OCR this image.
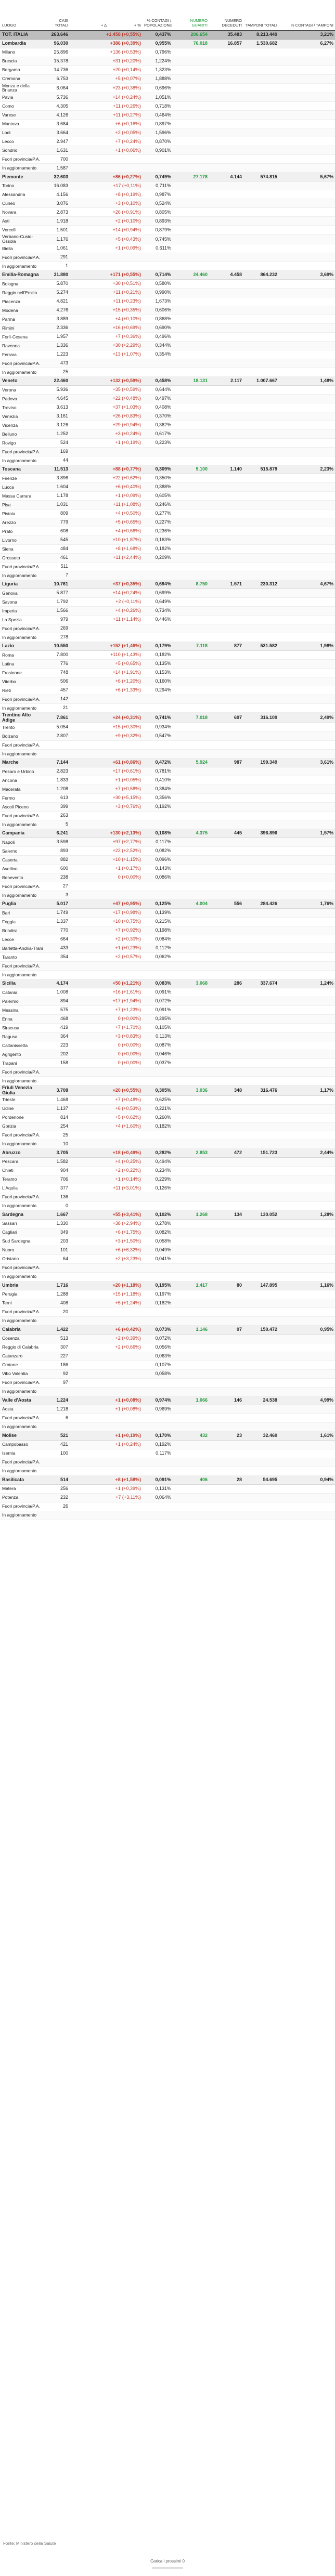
LUOGO	CASI TOTALI	+ ∆	+ %	% CONTAGI / POPOLAZIONE	NUMERO GUARITI	NUMERO DECEDUTI	TAMPONI TOTALI	% CONTAGI / TAMPONI
TOT. ITALIA	263.646	+1.458 (+0,55%)		0,437%	206.654	35.483	8.213.449	3,21%
Lombardia	96.030	+386 (+0,39%)		0,955%	76.018	16.857	1.530.682	6,27%
Milano	25.896	+136 (+0,53%)		0,796%				
Brescia	15.378	+31 (+0,20%)		1,224%				
Bergamo	14.736	+20 (+0,14%)		1,323%				
Cremona	6.753	+5 (+0,07%)		1,888%				
Monza e della Brianza	6.064	+23 (+0,38%)		0,696%				
Pavia	5.736	+14 (+0,24%)		1,051%				
Como	4.305	+11 (+0,26%)		0,718%				
Varese	4.126	+11 (+0,27%)		0,464%				
Mantova	3.684	+6 (+0,16%)		0,897%				
Lodi	3.664	+2 (+0,05%)		1,596%				
Lecco	2.947	+7 (+0,24%)		0,870%				
Sondrio	1.631	+1 (+0,06%)		0,901%				
Fuori provincia/P.A.	700							
In aggiornamento	1.587							
Piemonte	32.603	+86 (+0,27%)		0,749%	27.178	4.144	574.815	5,67%
Torino	16.083	+17 (+0,11%)		0,711%				
Alessandria	4.156	+8 (+0,19%)		0,987%				
Cuneo	3.076	+3 (+0,10%)		0,524%				
Novara	2.873	+26 (+0,91%)		0,805%				
Asti	1.918	+2 (+0,10%)		0,893%				
Vercelli	1.501	+14 (+0,94%)		0,879%				
Verbano-Cusio-Ossola	1.176	+5 (+0,43%)		0,745%				
Biella	1.061	+1 (+0,09%)		0,611%				
Fuori provincia/P.A.	291							
In aggiornamento	1							
Emilia-Romagna	31.880	+171 (+0,55%)		0,714%	24.460	4.458	864.232	3,69%
Bologna	5.870	+30 (+0,51%)		0,580%				
Reggio nell'Emilia	5.274	+11 (+0,21%)		0,990%				
Piacenza	4.821	+11 (+0,23%)		1,673%				
Modena	4.276	+15 (+0,35%)		0,606%				
Parma	3.889	+4 (+0,10%)		0,868%				
Rimini	2.336	+16 (+0,69%)		0,690%				
Forlì-Cesena	1.957	+7 (+0,36%)		0,496%				
Ravenna	1.336	+30 (+2,29%)		0,344%				
Ferrara	1.223	+13 (+1,07%)		0,354%				
Fuori provincia/P.A.	473							
In aggiornamento	25							
Veneto	22.460	+132 (+0,59%)		0,458%	18.131	2.117	1.007.667	1,48%
Verona	5.936	+35 (+0,59%)		0,644%				
Padova	4.645	+22 (+0,48%)		0,497%				
Treviso	3.613	+37 (+1,03%)		0,408%				
Venezia	3.161	+26 (+0,83%)		0,370%				
Vicenza	3.126	+29 (+0,94%)		0,362%				
Belluno	1.252	+3 (+0,24%)		0,617%				
Rovigo	524	+1 (+0,19%)		0,223%				
Fuori provincia/P.A.	169							
In aggiornamento	44							
Toscana	11.513	+88 (+0,77%)		0,309%	9.100	1.140	515.879	2,23%
Firenze	3.896	+22 (+0,62%)		0,350%				
Lucca	1.604	+6 (+0,40%)		0,388%				
Massa Carrara	1.178	+1 (+0,09%)		0,605%				
Pisa	1.031	+11 (+1,08%)		0,246%				
Pistoia	809	+4 (+0,50%)		0,277%				
Arezzo	779	+5 (+0,65%)		0,227%				
Prato	608	+4 (+0,66%)		0,236%				
Livorno	545	+10 (+1,87%)		0,163%				
Siena	484	+8 (+1,68%)		0,182%				
Grosseto	461	+11 (+2,44%)		0,209%				
Fuori provincia/P.A.	511							
In aggiornamento	7							
Liguria	10.761	+37 (+0,35%)		0,694%	8.750	1.571	230.312	4,67%
Genova	5.877	+14 (+0,24%)		0,699%				
Savona	1.792	+2 (+0,11%)		0,649%				
Imperia	1.566	+4 (+0,26%)		0,734%				
La Spezia	979	+11 (+1,14%)		0,446%				
Fuori provincia/P.A.	269							
In aggiornamento	278							
Lazio	10.550	+152 (+1,46%)		0,179%	7.118	877	531.582	1,98%
Roma	7.800	+110 (+1,43%)		0,182%				
Latina	776	+5 (+0,65%)		0,135%				
Frosinone	748	+14 (+1,91%)		0,153%				
Viterbo	506	+6 (+1,20%)		0,160%				
Rieti	457	+6 (+1,33%)		0,294%				
Fuori provincia/P.A.	142							
In aggiornamento	21							
Trentino Alto Adige	7.861	+24 (+0,31%)		0,741%	7.018	697	316.109	2,49%
Trento	5.054	+15 (+0,30%)		0,934%				
Bolzano	2.807	+9 (+0,32%)		0,547%				
Fuori provincia/P.A.								
In aggiornamento								
Marche	7.144	+61 (+0,86%)		0,472%	5.924	987	199.349	3,61%
Pesaro e Urbino	2.823	+17 (+0,61%)		0,781%				
Ancona	1.833	+1 (+0,05%)		0,410%				
Macerata	1.208	+7 (+0,58%)		0,384%				
Fermo	613	+30 (+5,15%)		0,356%				
Ascoli Piceno	399	+3 (+0,76%)		0,192%				
Fuori provincia/P.A.	263							
In aggiornamento	5							
Campania	6.241	+130 (+2,13%)		0,108%	4.375	445	396.896	1,57%
Napoli	3.598	+97 (+2,77%)		0,117%				
Salerno	893	+22 (+2,52%)		0,082%				
Caserta	882	+10 (+1,15%)		0,096%				
Avellino	600	+1 (+0,17%)		0,143%				
Benevento	238	0 (+0,00%)		0,086%				
Fuori provincia/P.A.	27							
In aggiornamento	3							
Puglia	5.017	+47 (+0,95%)		0,125%	4.004	556	284.426	1,76%
Bari	1.749	+17 (+0,98%)		0,139%				
Foggia	1.337	+10 (+0,75%)		0,215%				
Brindisi	770	+7 (+0,92%)		0,198%				
Lecce	664	+2 (+0,30%)		0,084%				
Barletta-Andria-Trani	433	+1 (+0,23%)		0,112%				
Taranto	354	+2 (+0,57%)		0,062%				
Fuori provincia/P.A.								
In aggiornamento								
Sicilia	4.174	+50 (+1,21%)		0,083%	3.068	286	337.674	1,24%
Catania	1.008	+16 (+1,61%)		0,091%				
Palermo	894	+17 (+1,94%)		0,072%				
Messina	575	+7 (+1,23%)		0,091%				
Enna	468	0 (+0,00%)		0,295%				
Siracusa	419	+7 (+1,70%)		0,105%				
Ragusa	364	+3 (+0,83%)		0,113%				
Caltanissetta	223	0 (+0,00%)		0,087%				
Agrigento	202	0 (+0,00%)		0,046%				
Trapani	158	0 (+0,00%)		0,037%				
Fuori provincia/P.A.								
In aggiornamento								
Friuli Venezia Giulia	3.708	+20 (+0,55%)		0,305%	3.036	348	316.476	1,17%
Trieste	1.468	+7 (+0,48%)		0,625%				
Udine	1.137	+6 (+0,53%)		0,221%				
Pordenone	814	+5 (+0,62%)		0,260%				
Gorizia	254	+4 (+1,60%)		0,182%				
Fuori provincia/P.A.	25							
In aggiornamento	10							
Abruzzo	3.705	+18 (+0,49%)		0,282%	2.853	472	151.723	2,44%
Pescara	1.582	+4 (+0,25%)		0,494%				
Chieti	904	+2 (+0,22%)		0,234%				
Teramo	706	+1 (+0,14%)		0,229%				
L'Aquila	377	+11 (+3,01%)		0,126%				
Fuori provincia/P.A.	136							
In aggiornamento	0							
Sardegna	1.667	+55 (+3,41%)		0,102%	1.268	134	130.052	1,28%
Sassari	1.330	+38 (+2,94%)		0,278%				
Cagliari	349	+6 (+1,75%)		0,082%				
Sud Sardegna	203	+3 (+1,50%)		0,058%				
Nuoro	101	+6 (+6,32%)		0,049%				
Oristano	64	+2 (+3,23%)		0,041%				
Fuori provincia/P.A.								
In aggiornamento								
Umbria	1.716	+20 (+1,18%)		0,195%	1.417	80	147.895	1,16%
Perugia	1.288	+15 (+1,18%)		0,197%				
Terni	408	+5 (+1,24%)		0,182%				
Fuori provincia/P.A.	20							
In aggiornamento								
Calabria	1.422	+6 (+0,42%)		0,073%	1.146	97	150.472	0,95%
Cosenza	513	+2 (+0,39%)		0,072%				
Reggio di Calabria	307	+2 (+0,66%)		0,056%				
Catanzaro	227			0,063%				
Crotone	186			0,107%				
Vibo Valentia	92			0,058%				
Fuori provincia/P.A.	97							
In aggiornamento								
Valle d'Aosta	1.224	+1 (+0,08%)		0,974%	1.066	146	24.538	4,99%
Aosta	1.218	+1 (+0,08%)		0,969%				
Fuori provincia/P.A.	6							
In aggiornamento								
Molise	521	+1 (+0,19%)		0,170%	432	23	32.460	1,61%
Campobasso	421	+1 (+0,24%)		0,192%				
Isernia	100			0,117%				
Fuori provincia/P.A.								
In aggiornamento								
Basilicata	514	+8 (+1,58%)		0,091%	406	28	54.695	0,94%
Matera	256	+1 (+0,39%)		0,131%				
Potenza	232	+7 (+3,11%)		0,064%				
Fuori provincia/P.A.	26							
In aggiornamento								
Fonte: Ministero della Salute
Carica i prossimi 0
